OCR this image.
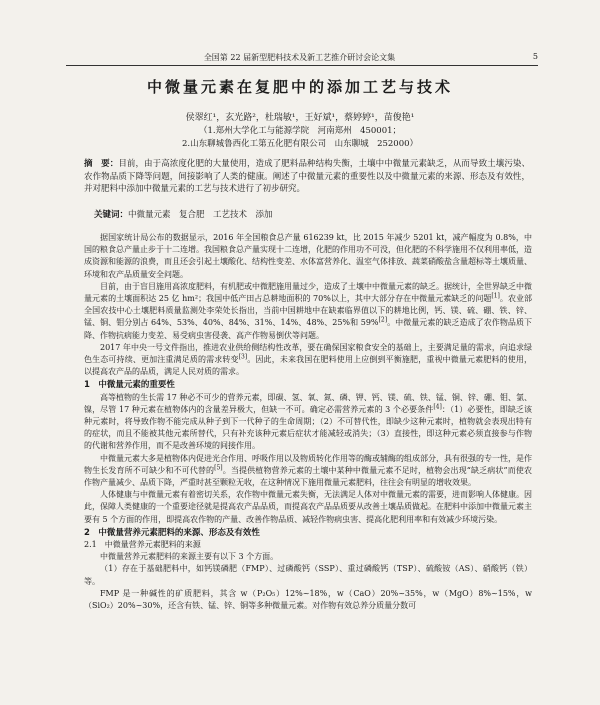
全国第 22 届新型肥料技术及新工艺推介研讨会论文集	5
中微量元素在复肥中的添加工艺与技术
侯翠红¹，玄光路²，杜瑞敏¹，王好斌¹，蔡婷婷¹，苗俊艳¹
（1.郑州大学化工与能源学院　河南郑州　450001；
2.山东聊城鲁西化工第五化肥有限公司　山东聊城　252000）
摘　要：目前，由于高浓度化肥的大量使用，造成了肥料品种结构失衡，土壤中中微量元素缺乏，从而导致土壤污染、农作物品质下降等问题，间接影响了人类的健康。阐述了中微量元素的重要性以及中微量元素的来源、形态及有效性，并对肥料中添加中微量元素的工艺与技术进行了初步研究。
关键词：中微量元素　复合肥　工艺技术　添加

据国家统计局公布的数据显示，2016 年全国粮食总产量 616239 kt，比 2015 年减少 5201 kt，减产幅度为 0.8%，中国的粮食总产量止步于十二连增。我国粮食总产量实现十二连增，化肥的作用功不可没，但化肥的不科学施用不仅利用率低，造成资源和能源的浪费，而且还会引起土壤酸化、结构性变差、水体富营养化、温室气体排放、蔬菜硝酸盐含量超标等土壤质量、环境和农产品质量安全问题。

目前，由于盲目施用高浓度肥料，有机肥或中微肥施用量过少，造成了土壤中中微量元素的缺乏。据统计，全世界缺乏中微量元素的土壤面积达 25 亿 hm²；我国中低产田占总耕地面积的 70%以上，其中大部分存在中微量元素缺乏的问题[1]。农业部全国农技中心土壤肥料质量监测处李荣处长指出，当前中国耕地中在缺素临界值以下的耕地比例，钙、镁、硫、硼、铁、锌、锰、铜、钼分别占 64%、53%、40%、84%、31%、14%、48%、25%和 59%[2]。中微量元素的缺乏造成了农作物品质下降、作物抗病能力变差、易受病虫害侵袭、高产作物易倒伏等问题。

2017 年中央一号文件指出，推进农业供给侧结构性改革，要在确保国家粮食安全的基础上，主要满足量的需求，向追求绿色生态可持续、更加注重满足质的需求转变[3]。因此，未来我国在肥料使用上应倒到平衡施肥，重视中微量元素肥料的使用，以提高农产品的品质，满足人民对质的需求。

1　中微量元素的重要性

高等植物的生长需 17 种必不可少的营养元素，即碳、氢、氧、氮、磷、钾、钙、镁、硫、铁、锰、铜、锌、硼、钼、氯、镍，尽管 17 种元素在植物体内的含量差异极大，但缺一不可。确定必需营养元素的 3 个必要条件[4]：（1）必要性，即缺乏该种元素时，将导致作物不能完成从种子到下一代种子的生命周期；（2）不可替代性，即缺少这种元素时，植物就会表现出特有的症状，而且不能被其他元素所替代，只有补充该种元素后症状才能减轻或消失；（3）直接性，即这种元素必须直接参与作物的代谢和营养作用，而不是改善环境的间接作用。

中微量元素大多是植物体内促进光合作用、呼吸作用以及物质转化作用等的酶或辅酶的组成部分，具有很强的专一性，是作物生长发育所不可缺少和不可代替的[5]。当提供植物营养元素的土壤中某种中微量元素不足时，植物会出现“缺乏病状”而使农作物产量减少、品质下降，严重时甚至颗粒无收，在这种情况下施用微量元素肥料，往往会有明显的增收效果。

人体健康与中微量元素有着密切关系，农作物中微量元素失衡，无法满足人体对中微量元素的需要，进而影响人体健康。因此，保障人类健康的一个重要途径就是提高农产品品质，而提高农产品品质要从改善土壤品质做起。在肥料中添加中微量元素主要有 5 个方面的作用，即提高农作物的产量、改善作物品质、减轻作物病虫害、提高化肥利用率和有效减少环境污染。

2　中微量营养元素肥料的来源、形态及有效性
2.1　中微量营养元素肥料的来源

中微量营养元素肥料的来源主要有以下 3 个方面。

（1）存在于基础肥料中，如钙镁磷肥（FMP）、过磷酸钙（SSP）、重过磷酸钙（TSP）、硫酸铵（AS）、硝酸钙（铁）等。

FMP 是一种碱性的矿质肥料，其含 w（P₂O₅）12%~18%，w（CaO）20%~35%，w（MgO）8%~15%，w（SiO₂）20%~30%，还含有铁、锰、锌、铜等多种微量元素。对作物有效总养分质量分数可
